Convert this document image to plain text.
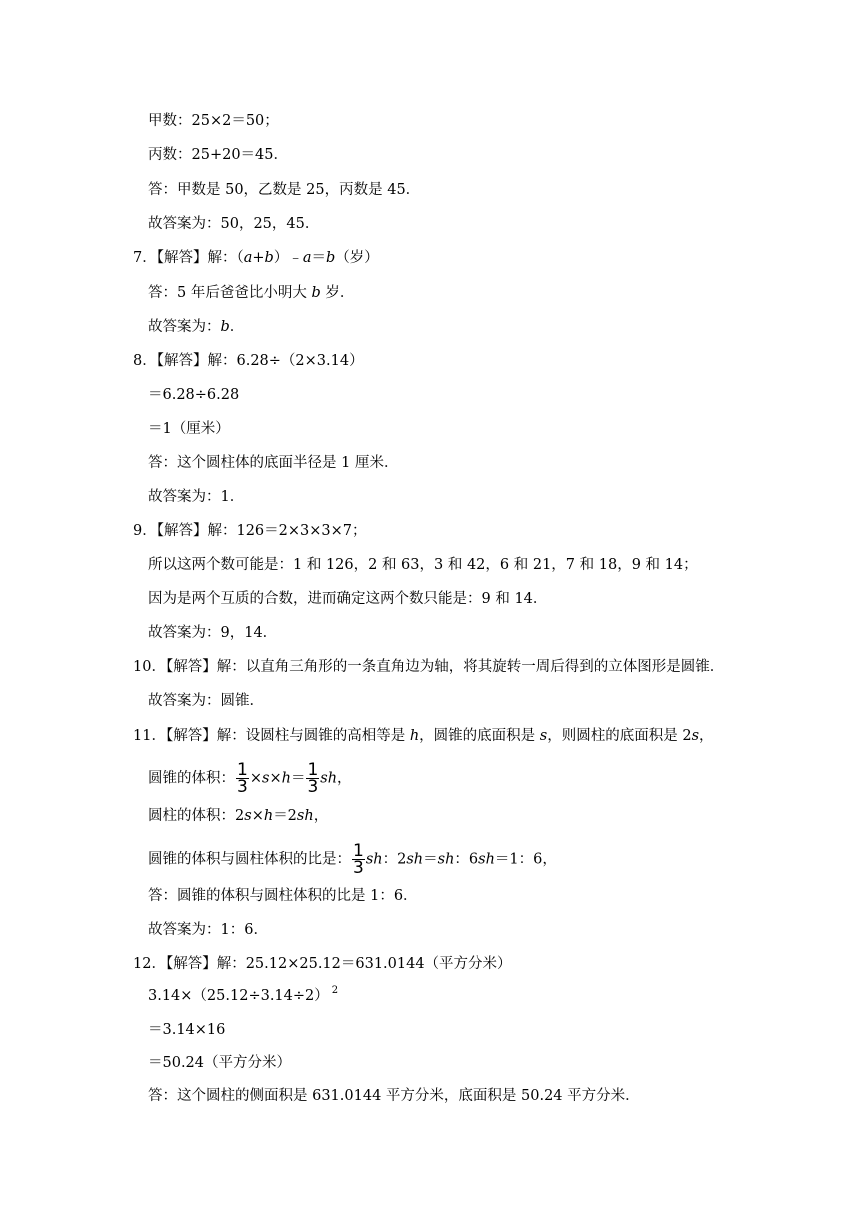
甲数：25×2＝50；
丙数：25+20＝45．
答：甲数是 50，乙数是 25，丙数是 45．
故答案为：50，25，45．
7．【解答】解：（a+b）﹣a＝b（岁）
答：5 年后爸爸比小明大 b 岁．
故答案为：b．
8．【解答】解：6.28÷（2×3.14）
＝6.28÷6.28
＝1（厘米）
答：这个圆柱体的底面半径是 1 厘米．
故答案为：1．
9．【解答】解：126＝2×3×3×7；
所以这两个数可能是：1 和 126，2 和 63，3 和 42，6 和 21，7 和 18，9 和 14；
因为是两个互质的合数，进而确定这两个数只能是：9 和 14．
故答案为：9，14．
10．【解答】解：以直角三角形的一条直角边为轴，将其旋转一周后得到的立体图形是圆锥．
故答案为：圆锥．
11．【解答】解：设圆柱与圆锥的高相等是 h，圆锥的底面积是 s，则圆柱的底面积是 2s，
圆锥的体积： $\frac{1}{3} \times s\times h= \frac{1}{3}$ sh，
圆柱的体积：2s×h＝2sh，
圆锥的体积与圆柱体积的比是： $\frac{1}{3}$ sh：2sh＝sh：6sh＝1：6，
答：圆锥的体积与圆柱体积的比是 1：6．
故答案为：1：6．
12．【解答】解：25.12×25.12＝631.0144（平方分米）
3.14×（25.12÷3.14÷2） $^2$
＝3.14×16
＝50.24（平方分米）
答：这个圆柱的侧面积是 631.0144 平方分米，底面积是 50.24 平方分米．
